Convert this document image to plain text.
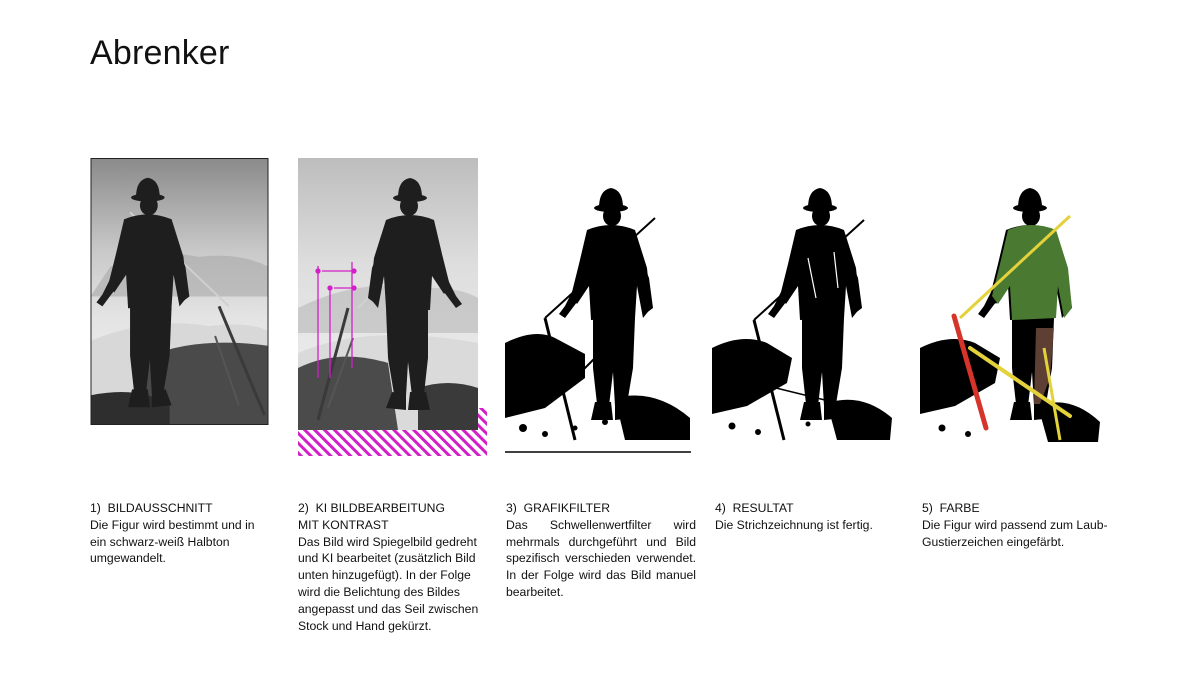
Abrenker
1)  BILDAUSSCHNITT
Die Figur wird bestimmt und in ein schwarz-weiß Halbton umgewandelt.
2)  KI BILDBEARBEITUNG
MIT KONTRAST
Das Bild wird Spiegelbild gedreht und KI bearbeitet (zusätzlich Bild unten hinzugefügt). In der Folge wird die Belichtung des Bildes angepasst und das Seil zwischen Stock und Hand gekürzt.
3)  GRAFIKFILTER
Das Schwellenwertfilter wird mehrmals durchgeführt und Bild spezifisch verschieden verwendet. In der Folge wird das Bild manuel bearbeitet.
4)  RESULTAT
Die Strichzeichnung ist fertig.
5)  FARBE
Die Figur wird passend zum Laub-Gustierzeichen eingefärbt.
